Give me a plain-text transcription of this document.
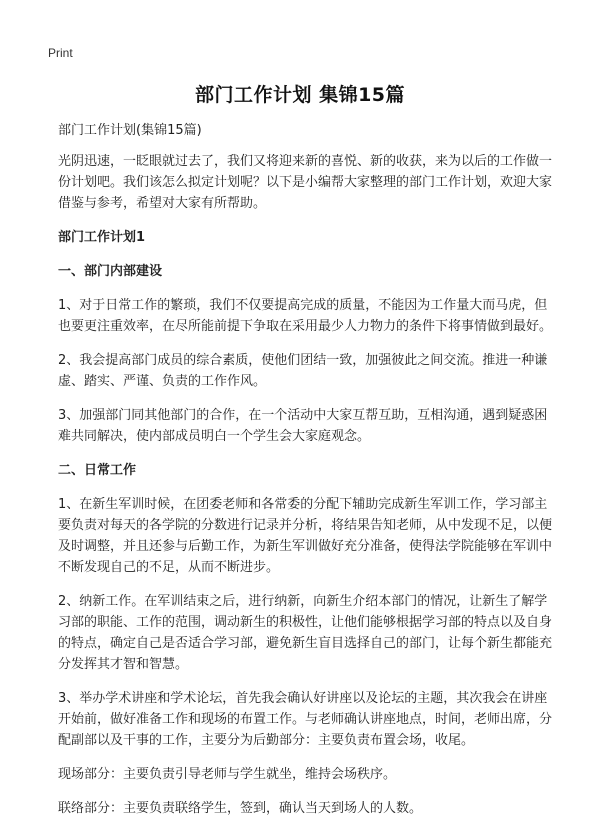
Print
部门工作计划 集锦15篇

部门工作计划(集锦15篇)

光阴迅速，一眨眼就过去了，我们又将迎来新的喜悦、新的收获，来为以后的工作做一份计划吧。我们该怎么拟定计划呢？以下是小编帮大家整理的部门工作计划，欢迎大家借鉴与参考，希望对大家有所帮助。

部门工作计划1

一、部门内部建设

1、对于日常工作的繁琐，我们不仅要提高完成的质量，不能因为工作量大而马虎，但也要更注重效率，在尽所能前提下争取在采用最少人力物力的条件下将事情做到最好。

2、我会提高部门成员的综合素质，使他们团结一致，加强彼此之间交流。推进一种谦虚、踏实、严谨、负责的工作作风。

3、加强部门同其他部门的合作，在一个活动中大家互帮互助，互相沟通，遇到疑惑困难共同解决，使内部成员明白一个学生会大家庭观念。

二、日常工作

1、在新生军训时候，在团委老师和各常委的分配下辅助完成新生军训工作，学习部主要负责对每天的各学院的分数进行记录并分析，将结果告知老师，从中发现不足，以便及时调整，并且还参与后勤工作，为新生军训做好充分准备，使得法学院能够在军训中不断发现自己的不足，从而不断进步。

2、纳新工作。在军训结束之后，进行纳新，向新生介绍本部门的情况，让新生了解学习部的职能、工作的范围，调动新生的积极性，让他们能够根据学习部的特点以及自身的特点，确定自己是否适合学习部，避免新生盲目选择自己的部门，让每个新生都能充分发挥其才智和智慧。

3、举办学术讲座和学术论坛，首先我会确认好讲座以及论坛的主题，其次我会在讲座开始前，做好准备工作和现场的布置工作。与老师确认讲座地点，时间，老师出席，分配副部以及干事的工作，主要分为后勤部分：主要负责布置会场，收尾。

现场部分：主要负责引导老师与学生就坐，维持会场秩序。

联络部分：主要负责联络学生，签到，确认当天到场人的人数。
